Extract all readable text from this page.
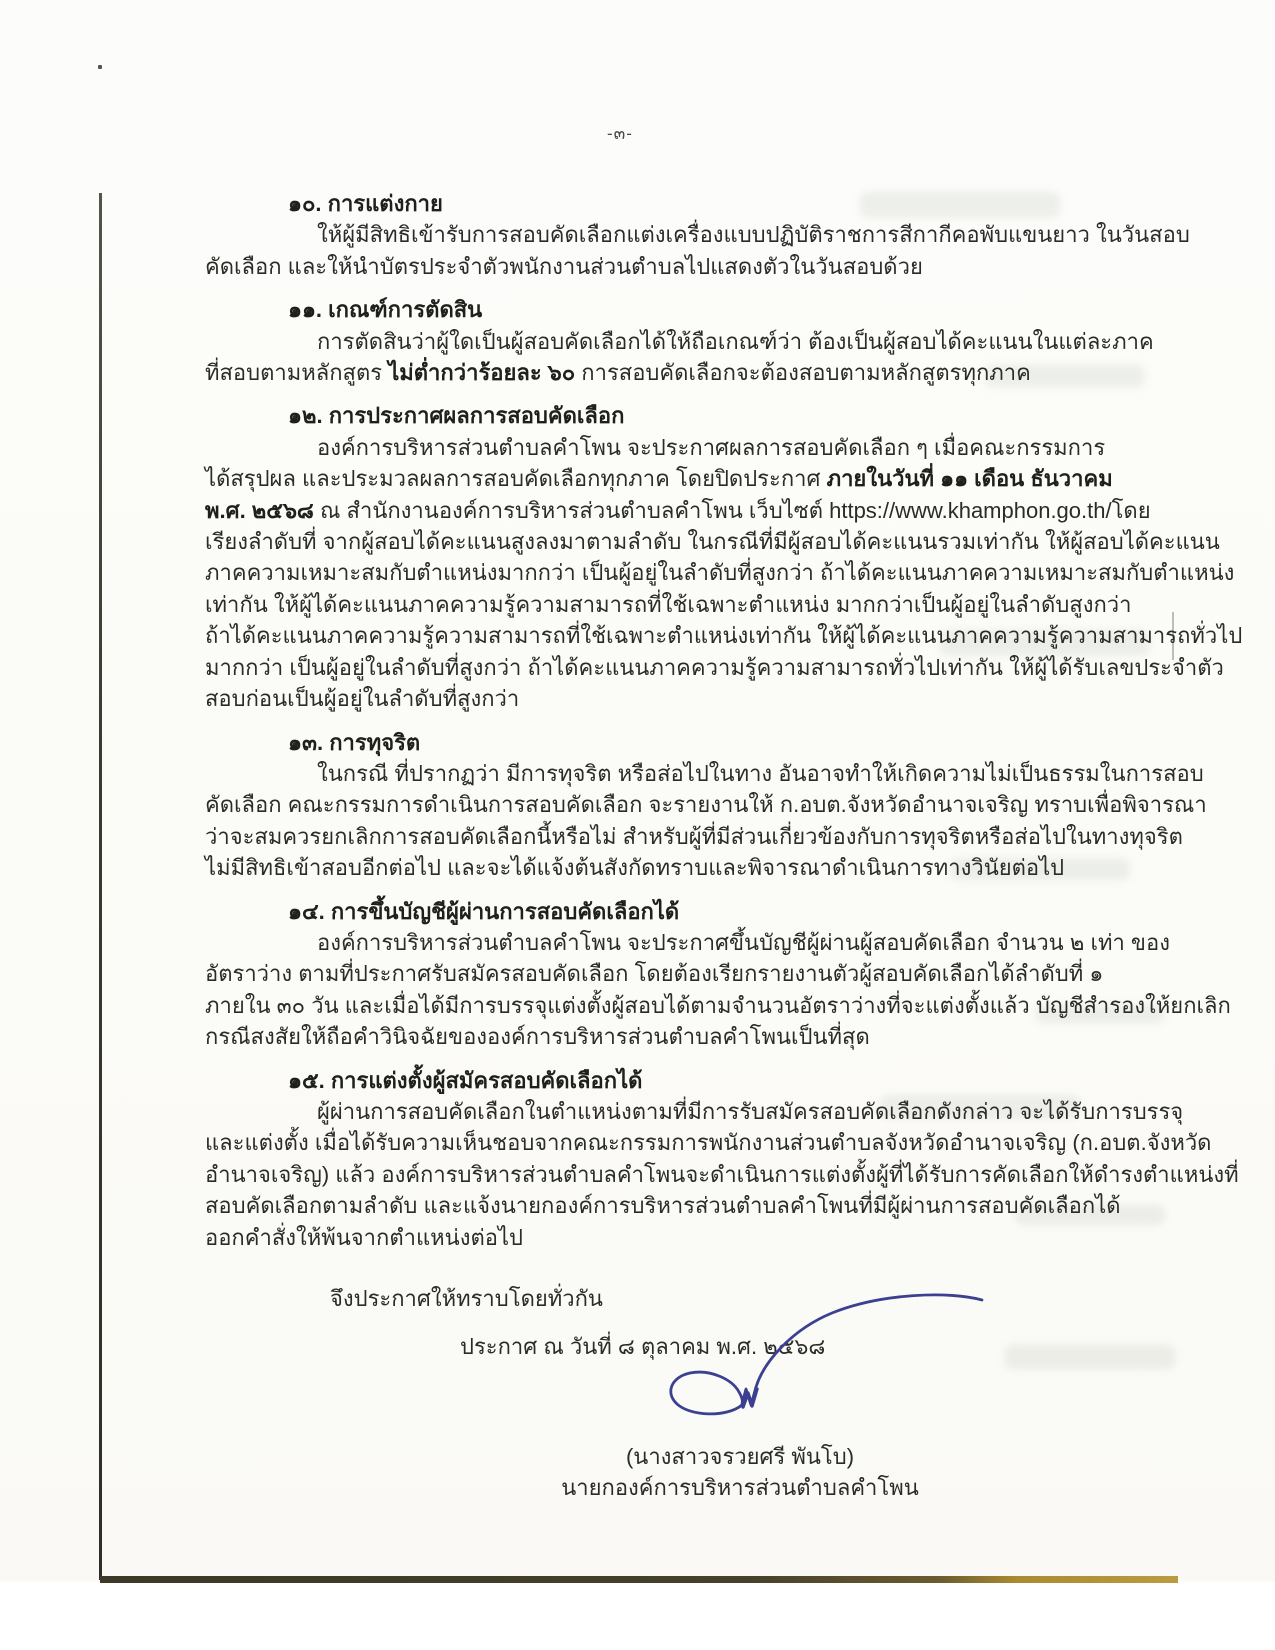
-๓-
๑๐. การแต่งกาย
ให้ผู้มีสิทธิเข้ารับการสอบคัดเลือกแต่งเครื่องแบบปฏิบัติราชการสีกากีคอพับแขนยาว ในวันสอบ
คัดเลือก และให้นำบัตรประจำตัวพนักงานส่วนตำบลไปแสดงตัวในวันสอบด้วย
๑๑. เกณฑ์การตัดสิน
การตัดสินว่าผู้ใดเป็นผู้สอบคัดเลือกได้ให้ถือเกณฑ์ว่า ต้องเป็นผู้สอบได้คะแนนในแต่ละภาค
ที่สอบตามหลักสูตร ไม่ต่ำกว่าร้อยละ ๖๐ การสอบคัดเลือกจะต้องสอบตามหลักสูตรทุกภาค
๑๒. การประกาศผลการสอบคัดเลือก
องค์การบริหารส่วนตำบลคำโพน จะประกาศผลการสอบคัดเลือก ๆ เมื่อคณะกรรมการ
ได้สรุปผล และประมวลผลการสอบคัดเลือกทุกภาค โดยปิดประกาศ ภายในวันที่ ๑๑ เดือน ธันวาคม
พ.ศ. ๒๕๖๘ ณ สำนักงานองค์การบริหารส่วนตำบลคำโพน เว็บไซต์ https://www.khamphon.go.th/โดย
เรียงลำดับที่ จากผู้สอบได้คะแนนสูงลงมาตามลำดับ ในกรณีที่มีผู้สอบได้คะแนนรวมเท่ากัน ให้ผู้สอบได้คะแนน
ภาคความเหมาะสมกับตำแหน่งมากกว่า เป็นผู้อยู่ในลำดับที่สูงกว่า ถ้าได้คะแนนภาคความเหมาะสมกับตำแหน่ง
เท่ากัน ให้ผู้ได้คะแนนภาคความรู้ความสามารถที่ใช้เฉพาะตำแหน่ง มากกว่าเป็นผู้อยู่ในลำดับสูงกว่า
ถ้าได้คะแนนภาคความรู้ความสามารถที่ใช้เฉพาะตำแหน่งเท่ากัน ให้ผู้ได้คะแนนภาคความรู้ความสามารถทั่วไป
มากกว่า เป็นผู้อยู่ในลำดับที่สูงกว่า ถ้าได้คะแนนภาคความรู้ความสามารถทั่วไปเท่ากัน ให้ผู้ได้รับเลขประจำตัว
สอบก่อนเป็นผู้อยู่ในลำดับที่สูงกว่า
๑๓. การทุจริต
ในกรณี ที่ปรากฏว่า มีการทุจริต หรือส่อไปในทาง อันอาจทำให้เกิดความไม่เป็นธรรมในการสอบ
คัดเลือก คณะกรรมการดำเนินการสอบคัดเลือก จะรายงานให้ ก.อบต.จังหวัดอำนาจเจริญ ทราบเพื่อพิจารณา
ว่าจะสมควรยกเลิกการสอบคัดเลือกนี้หรือไม่ สำหรับผู้ที่มีส่วนเกี่ยวข้องกับการทุจริตหรือส่อไปในทางทุจริต
ไม่มีสิทธิเข้าสอบอีกต่อไป และจะได้แจ้งต้นสังกัดทราบและพิจารณาดำเนินการทางวินัยต่อไป
๑๔. การขึ้นบัญชีผู้ผ่านการสอบคัดเลือกได้
องค์การบริหารส่วนตำบลคำโพน จะประกาศขึ้นบัญชีผู้ผ่านผู้สอบคัดเลือก จำนวน ๒ เท่า ของ
อัตราว่าง ตามที่ประกาศรับสมัครสอบคัดเลือก โดยต้องเรียกรายงานตัวผู้สอบคัดเลือกได้ลำดับที่ ๑
ภายใน ๓๐ วัน และเมื่อได้มีการบรรจุแต่งตั้งผู้สอบได้ตามจำนวนอัตราว่างที่จะแต่งตั้งแล้ว บัญชีสำรองให้ยกเลิก
กรณีสงสัยให้ถือคำวินิจฉัยขององค์การบริหารส่วนตำบลคำโพนเป็นที่สุด
๑๕. การแต่งตั้งผู้สมัครสอบคัดเลือกได้
ผู้ผ่านการสอบคัดเลือกในตำแหน่งตามที่มีการรับสมัครสอบคัดเลือกดังกล่าว จะได้รับการบรรจุ
และแต่งตั้ง เมื่อได้รับความเห็นชอบจากคณะกรรมการพนักงานส่วนตำบลจังหวัดอำนาจเจริญ (ก.อบต.จังหวัด
อำนาจเจริญ) แล้ว องค์การบริหารส่วนตำบลคำโพนจะดำเนินการแต่งตั้งผู้ที่ได้รับการคัดเลือกให้ดำรงตำแหน่งที่
สอบคัดเลือกตามลำดับ และแจ้งนายกองค์การบริหารส่วนตำบลคำโพนที่มีผู้ผ่านการสอบคัดเลือกได้
ออกคำสั่งให้พ้นจากตำแหน่งต่อไป
จึงประกาศให้ทราบโดยทั่วกัน
ประกาศ ณ วันที่ ๘ ตุลาคม พ.ศ. ๒๕๖๘
(นางสาวจรวยศรี พันโบ)
นายกองค์การบริหารส่วนตำบลคำโพน
